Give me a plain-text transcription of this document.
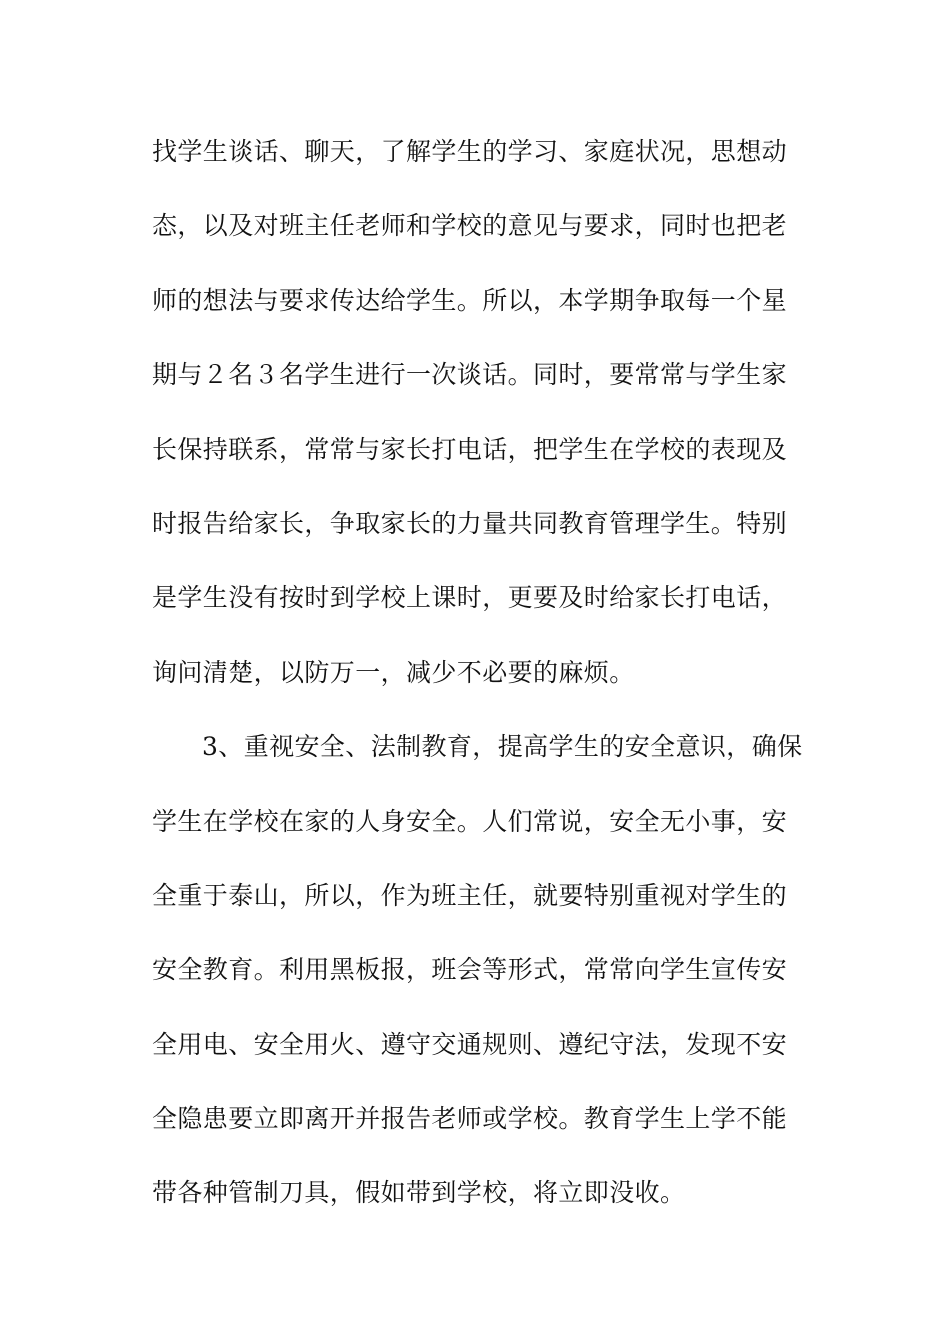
找学生谈话、聊天，了解学生的学习、家庭状况，思想动
态，以及对班主任老师和学校的意见与要求，同时也把老
师的想法与要求传达给学生。所以，本学期争取每一个星
期与２名３名学生进行一次谈话。同时，要常常与学生家
长保持联系，常常与家长打电话，把学生在学校的表现及
时报告给家长，争取家长的力量共同教育管理学生。特别
是学生没有按时到学校上课时，更要及时给家长打电话，
询问清楚，以防万一，减少不必要的麻烦。
3、重视安全、法制教育，提高学生的安全意识，确保
学生在学校在家的人身安全。人们常说，安全无小事，安
全重于泰山，所以，作为班主任，就要特别重视对学生的
安全教育。利用黑板报，班会等形式，常常向学生宣传安
全用电、安全用火、遵守交通规则、遵纪守法，发现不安
全隐患要立即离开并报告老师或学校。教育学生上学不能
带各种管制刀具，假如带到学校，将立即没收。
